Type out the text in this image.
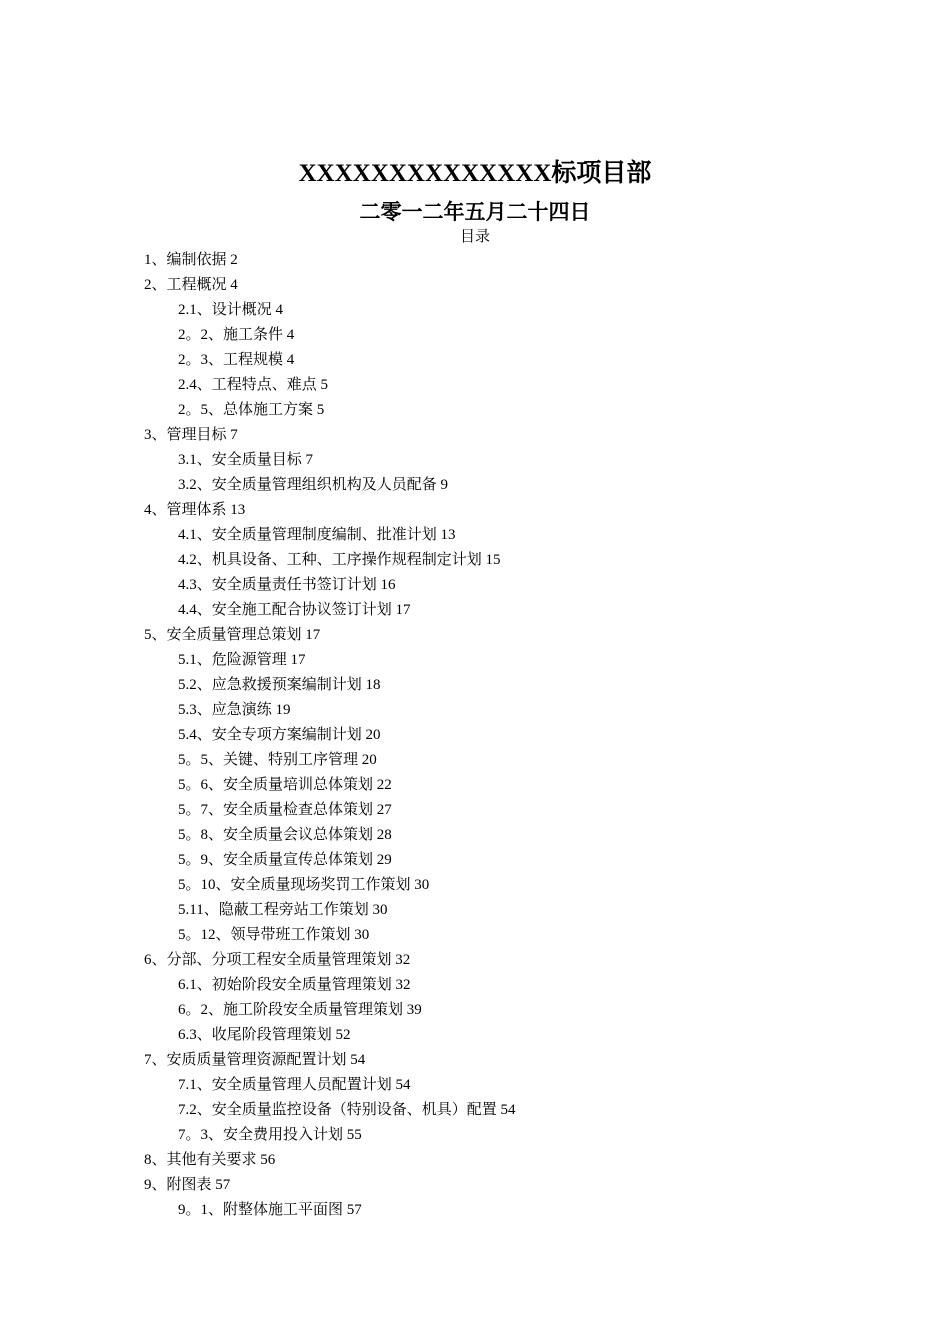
XXXXXXXXXXXXXX标项目部
二零一二年五月二十四日
目录
1、编制依据 2
2、工程概况 4
2.1、设计概况 4
2。2、施工条件 4
2。3、工程规模 4
2.4、工程特点、难点 5
2。5、总体施工方案 5
3、管理目标 7
3.1、安全质量目标 7
3.2、安全质量管理组织机构及人员配备 9
4、管理体系 13
4.1、安全质量管理制度编制、批准计划 13
4.2、机具设备、工种、工序操作规程制定计划 15
4.3、安全质量责任书签订计划 16
4.4、安全施工配合协议签订计划 17
5、安全质量管理总策划 17
5.1、危险源管理 17
5.2、应急救援预案编制计划 18
5.3、应急演练 19
5.4、安全专项方案编制计划 20
5。5、关键、特别工序管理 20
5。6、安全质量培训总体策划 22
5。7、安全质量检查总体策划 27
5。8、安全质量会议总体策划 28
5。9、安全质量宣传总体策划 29
5。10、安全质量现场奖罚工作策划 30
5.11、隐蔽工程旁站工作策划 30
5。12、领导带班工作策划 30
6、分部、分项工程安全质量管理策划 32
6.1、初始阶段安全质量管理策划 32
6。2、施工阶段安全质量管理策划 39
6.3、收尾阶段管理策划 52
7、安质质量管理资源配置计划 54
7.1、安全质量管理人员配置计划 54
7.2、安全质量监控设备（特别设备、机具）配置 54
7。3、安全费用投入计划 55
8、其他有关要求 56
9、附图表 57
9。1、附整体施工平面图 57
